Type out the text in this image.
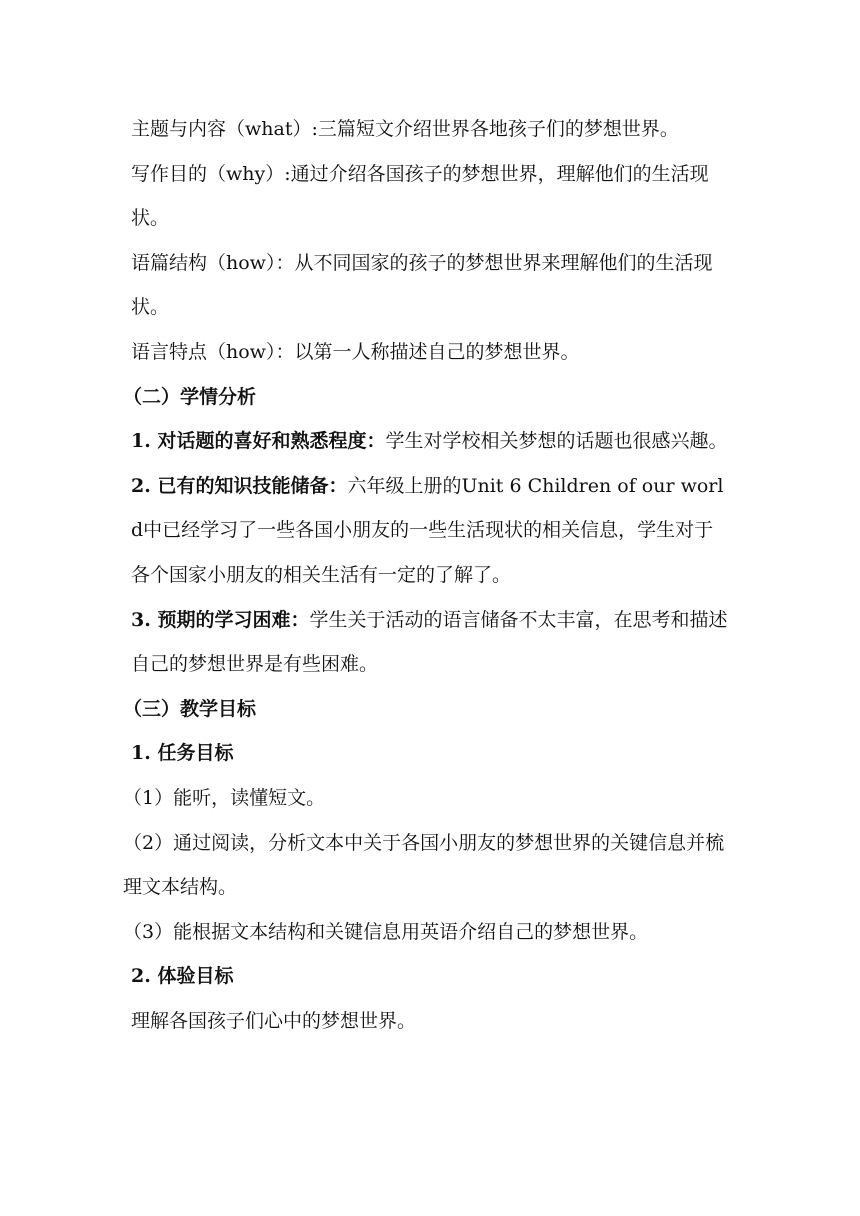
主题与内容（what）:三篇短文介绍世界各地孩子们的梦想世界。

写作目的（why）:通过介绍各国孩子的梦想世界，理解他们的生活现状。

语篇结构（how）：从不同国家的孩子的梦想世界来理解他们的生活现状。

语言特点（how）：以第一人称描述自己的梦想世界。

（二）学情分析

1. 对话题的喜好和熟悉程度：学生对学校相关梦想的话题也很感兴趣。

2. 已有的知识技能储备：六年级上册的Unit 6 Children of our world中已经学习了一些各国小朋友的一些生活现状的相关信息，学生对于各个国家小朋友的相关生活有一定的了解了。

3. 预期的学习困难：学生关于活动的语言储备不太丰富，在思考和描述自己的梦想世界是有些困难。

（三）教学目标

1. 任务目标

（1）能听，读懂短文。

（2）通过阅读，分析文本中关于各国小朋友的梦想世界的关键信息并梳理文本结构。

（3）能根据文本结构和关键信息用英语介绍自己的梦想世界。

2. 体验目标

理解各国孩子们心中的梦想世界。
